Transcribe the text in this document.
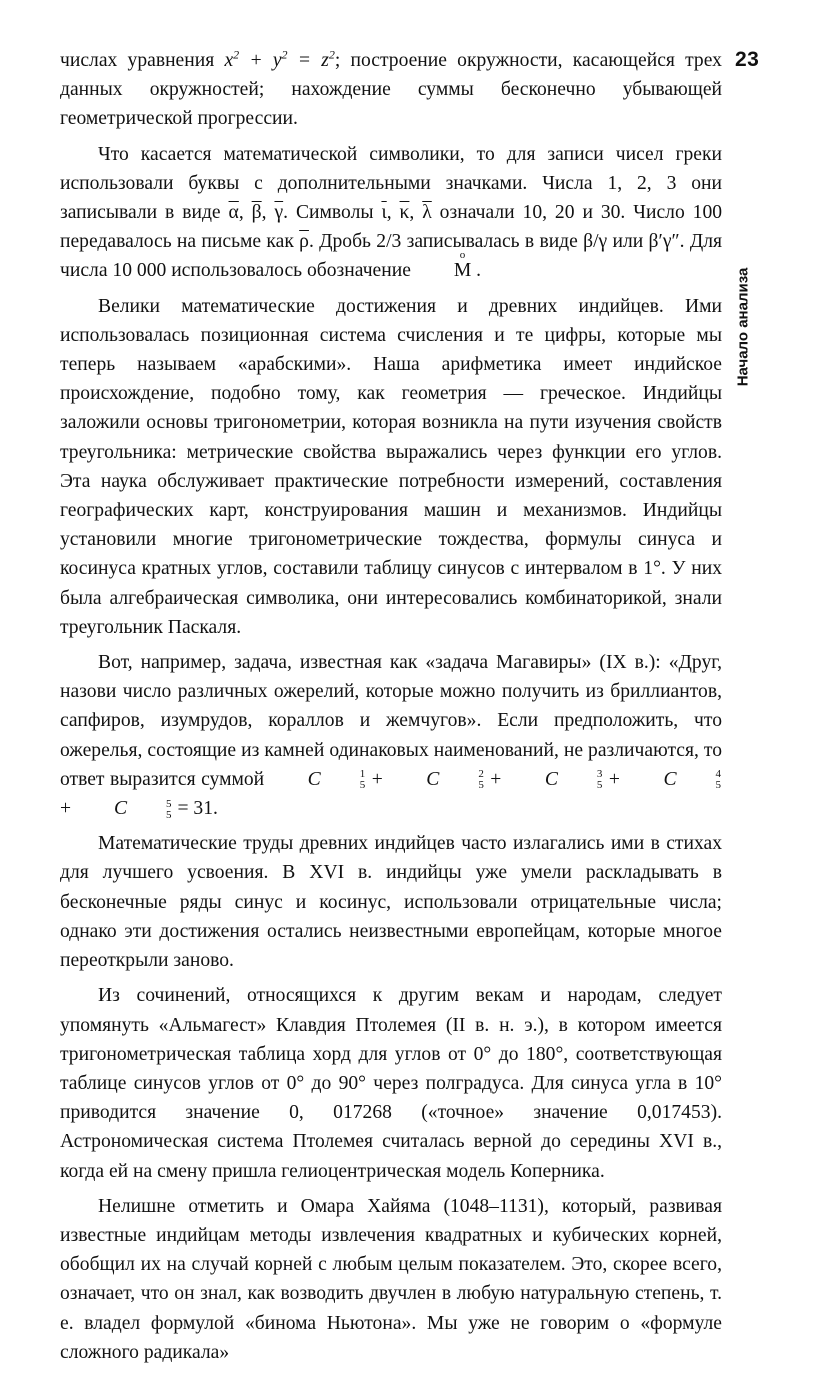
23
Начало анализа

числах уравнения $x^2 + y^2 = z^2$; построение окружности, касающейся трех данных окружностей; нахождение суммы бесконечно убывающей геометрической прогрессии.

Что касается математической символики, то для записи чисел греки использовали буквы с дополнительными значками. Числа 1, 2, 3 они записывали в виде $\overline{\alpha}$, $\overline{\beta}$, $\overline{\gamma}$. Символы $\overline{\iota}$, $\overline{\kappa}$, $\overline{\lambda}$ означали 10, 20 и 30. Число 100 передавалось на письме как $\overline{\rho}$. Дробь 2/3 записывалась в виде β/γ или β′γ″. Для числа 10 000 использовалось обозначение
o
M .

Велики математические достижения и древних индийцев. Ими использовалась позиционная система счисления и те цифры, которые мы теперь называем «арабскими». Наша арифметика имеет индийское происхождение, подобно тому, как геометрия — греческое. Индийцы заложили основы тригонометрии, которая возникла на пути изучения свойств треугольника: метрические свойства выражались через функции его углов. Эта наука обслуживает практические потребности измерений, составления географических карт, конструирования машин и механизмов. Индийцы установили многие тригонометрические тождества, формулы синуса и косинуса кратных углов, составили таблицу синусов с интервалом в 1°. У них была алгебраическая символика, они интересовались комбинаторикой, знали треугольник Паскаля.

Вот, например, задача, известная как «задача Магавиры» (IX в.): «Друг, назови число различных ожерелий, которые можно получить из бриллиантов, сапфиров, изумрудов, кораллов и жемчугов». Если предположить, что ожерелья, состоящие из камней одинаковых наименований, не различаются, то ответ выразится суммой C	1
5 + C	2
5 + C	3
5 + C	4
5
+ C	5
5 = 31.

Математические труды древних индийцев часто излагались ими в стихах для лучшего усвоения. В XVI в. индийцы уже умели раскладывать в бесконечные ряды синус и косинус, использовали отрицательные числа; однако эти достижения остались неизвестными европейцам, которые многое переоткрыли заново.

Из сочинений, относящихся к другим векам и народам, следует упомянуть «Альмагест» Клавдия Птолемея (II в. н. э.), в котором имеется тригонометрическая таблица хорд для углов от 0° до 180°, соответствующая таблице синусов углов от 0° до 90° через полградуса. Для синуса угла в 10° приводится значение 0, 017268 («точное» значение 0,017453). Астрономическая система Птолемея считалась верной до середины XVI в., когда ей на смену пришла гелиоцентрическая модель Коперника.

Нелишне отметить и Омара Хайяма (1048–1131), который, развивая известные индийцам методы извлечения квадратных и кубических корней, обобщил их на случай корней с любым целым показателем. Это, скорее всего, означает, что он знал, как возводить двучлен в любую натуральную степень, т. е. владел формулой «бинома Ньютона». Мы уже не говорим о «формуле сложного радикала»
